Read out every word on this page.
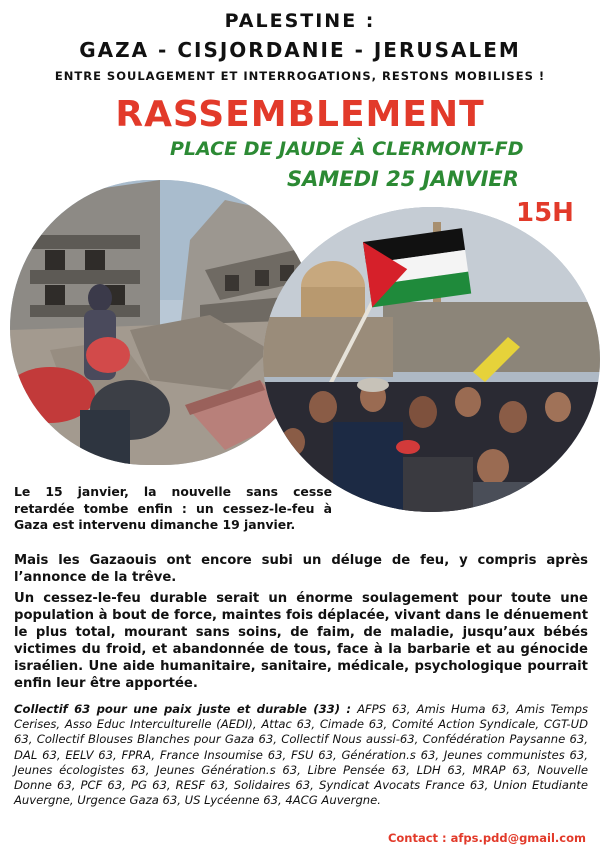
PALESTINE :
GAZA - CISJORDANIE - JERUSALEM
ENTRE SOULAGEMENT ET INTERROGATIONS, RESTONS MOBILISES !
RASSEMBLEMENT
PLACE DE JAUDE À CLERMONT-FD
SAMEDI 25 JANVIER
15H
Le 15 janvier, la nouvelle sans cesse retardée tombe enfin : un cessez-le-feu à Gaza est intervenu dimanche 19 janvier.
Mais les Gazaouis ont encore subi un déluge de feu, y compris après l’annonce de la trêve.
Un cessez-le-feu durable serait un énorme soulagement pour toute une population à bout de force, maintes fois déplacée, vivant dans le dénuement le plus total, mourant sans soins, de faim, de maladie, jusqu’aux bébés victimes du froid, et abandonnée de tous, face à la barbarie et au génocide israélien. Une aide humanitaire, sanitaire, médicale, psychologique pourrait enfin leur être apportée.
Collectif 63 pour une paix juste et durable (33) : AFPS 63, Amis Huma 63, Amis Temps Cerises, Asso Educ Interculturelle (AEDI), Attac 63, Cimade 63, Comité Action Syndicale, CGT-UD 63, Collectif Blouses Blanches pour Gaza 63, Collectif Nous aussi-63, Confédération Paysanne 63, DAL 63, EELV 63, FPRA, France Insoumise 63, FSU 63, Génération.s 63, Jeunes communistes 63, Jeunes écologistes 63, Jeunes Génération.s 63, Libre Pensée 63, LDH 63, MRAP 63, Nouvelle Donne 63, PCF 63, PG 63, RESF 63, Solidaires 63, Syndicat Avocats France 63, Union Etudiante Auvergne, Urgence Gaza 63, US Lycéenne 63, 4ACG Auvergne.
Contact : afps.pdd@gmail.com
